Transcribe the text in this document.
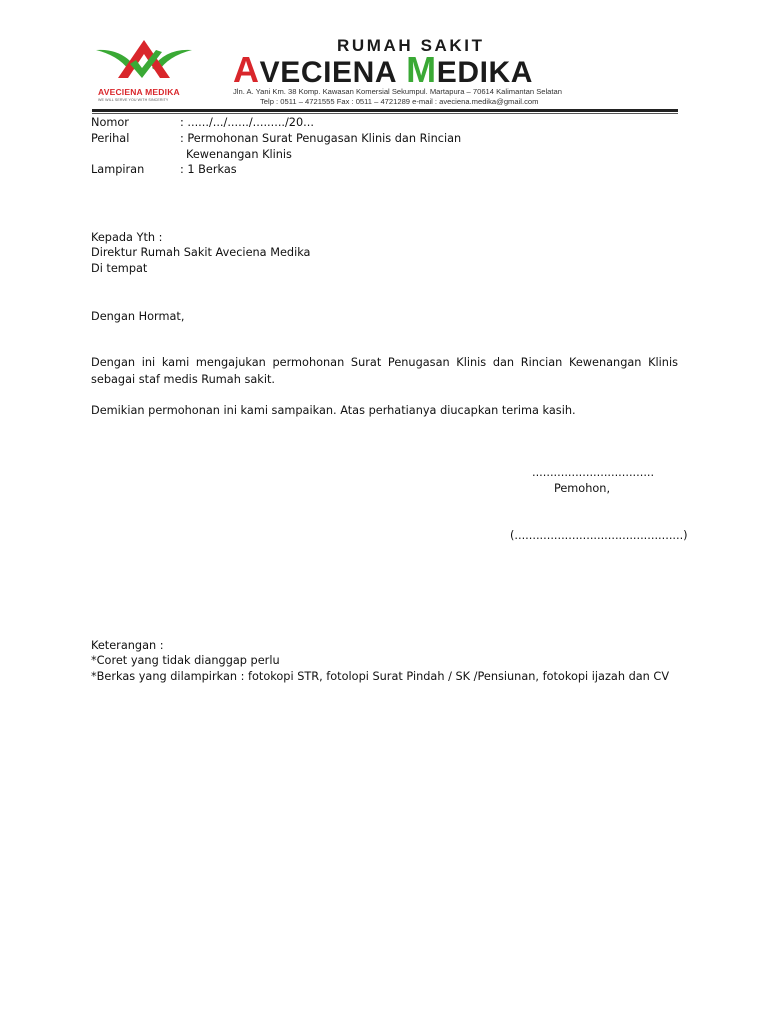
AVECIENA MEDIKA
WE WILL SERVE YOU WITH SINCERITY
RUMAH SAKIT
AVECIENA MEDIKA
Jln. A. Yani Km. 38 Komp. Kawasan Komersial Sekumpul. Martapura – 70614 Kalimantan Selatan
Telp : 0511 – 4721555 Fax : 0511 – 4721289 e-mail : aveciena.medika@gmail.com
Nomor	: ....../.../....../........./20...
Perihal	: Permohonan Surat Penugasan Klinis dan Rincian
Kewenangan Klinis
Lampiran	: 1 Berkas
Kepada Yth :
Direktur Rumah Sakit Aveciena Medika
Di tempat
Dengan Hormat,
Dengan ini kami mengajukan permohonan Surat Penugasan Klinis dan Rincian Kewenangan Klinis sebagai staf medis Rumah sakit.
Demikian permohonan ini kami sampaikan. Atas perhatianya diucapkan terima kasih.
..................................
Pemohon,
(...............................................)
Keterangan :
*Coret yang tidak dianggap perlu
*Berkas yang dilampirkan : fotokopi STR, fotolopi Surat Pindah / SK /Pensiunan, fotokopi ijazah dan CV
